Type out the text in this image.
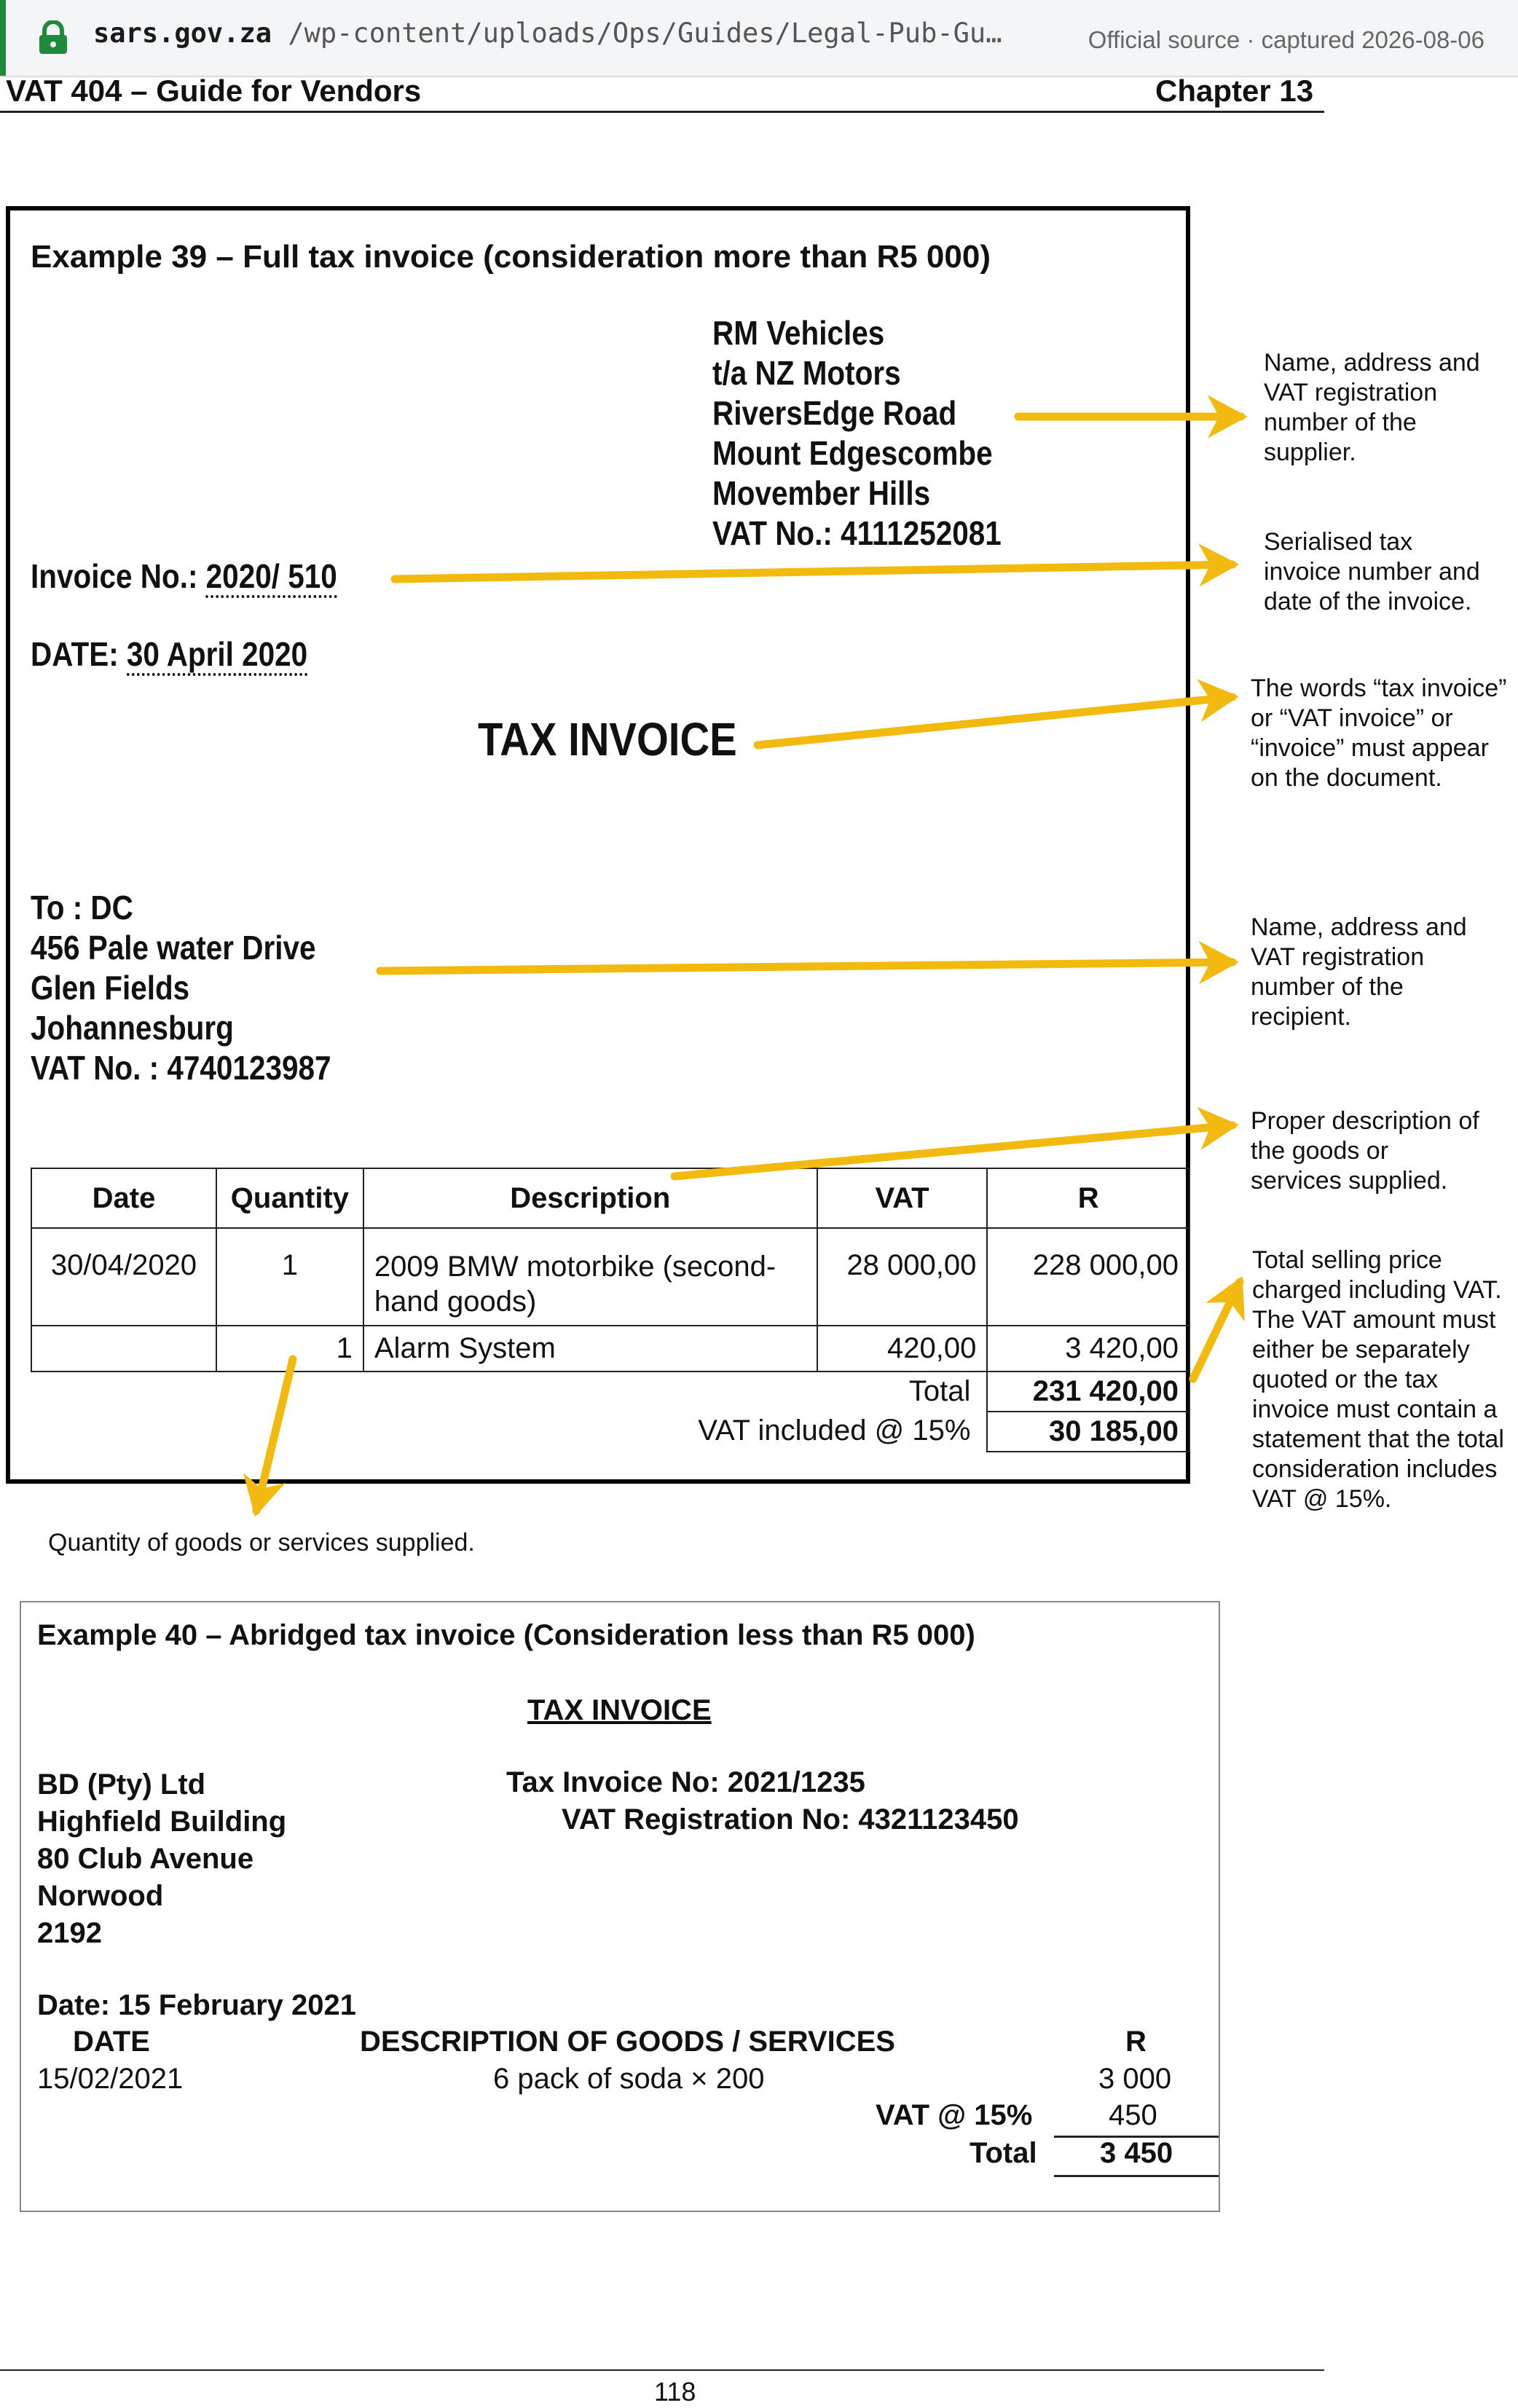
sars.gov.za /wp-content/uploads/Ops/Guides/Legal-Pub-Gu…	Official source · captured 2026-08-06
VAT 404 – Guide for Vendors	Chapter 13
Example 39 – Full tax invoice (consideration more than R5 000)
RM Vehicles
t/a NZ Motors
RiversEdge Road
Mount Edgescombe
Movember Hills
VAT No.: 4111252081
Invoice No.: 2020/ 510
DATE: 30 April 2020
TAX INVOICE
To : DC
456 Pale water Drive
Glen Fields
Johannesburg
VAT No. : 4740123987
Date	Quantity	Description	VAT	R
30/04/2020	1	2009 BMW motorbike (second-hand goods)	28 000,00	228 000,00
	1	Alarm System	420,00	3 420,00
Total				231 420,00
VAT included @ 15%				30 185,00
Name, address and VAT registration number of the supplier.
Serialised tax invoice number and date of the invoice.
The words “tax invoice” or “VAT invoice” or “invoice” must appear on the document.
Name, address and VAT registration number of the recipient.
Proper description of the goods or services supplied.
Total selling price charged including VAT. The VAT amount must either be separately quoted or the tax invoice must contain a statement that the total consideration includes VAT @ 15%.
Quantity of goods or services supplied.
Example 40 – Abridged tax invoice (Consideration less than R5 000)
TAX INVOICE
BD (Pty) Ltd
Highfield Building
80 Club Avenue
Norwood
2192
Tax Invoice No: 2021/1235
VAT Registration No: 4321123450
Date: 15 February 2021
DATE	DESCRIPTION OF GOODS / SERVICES	R
15/02/2021	6 pack of soda × 200	3 000
VAT @ 15%	450
Total 3 450
118
